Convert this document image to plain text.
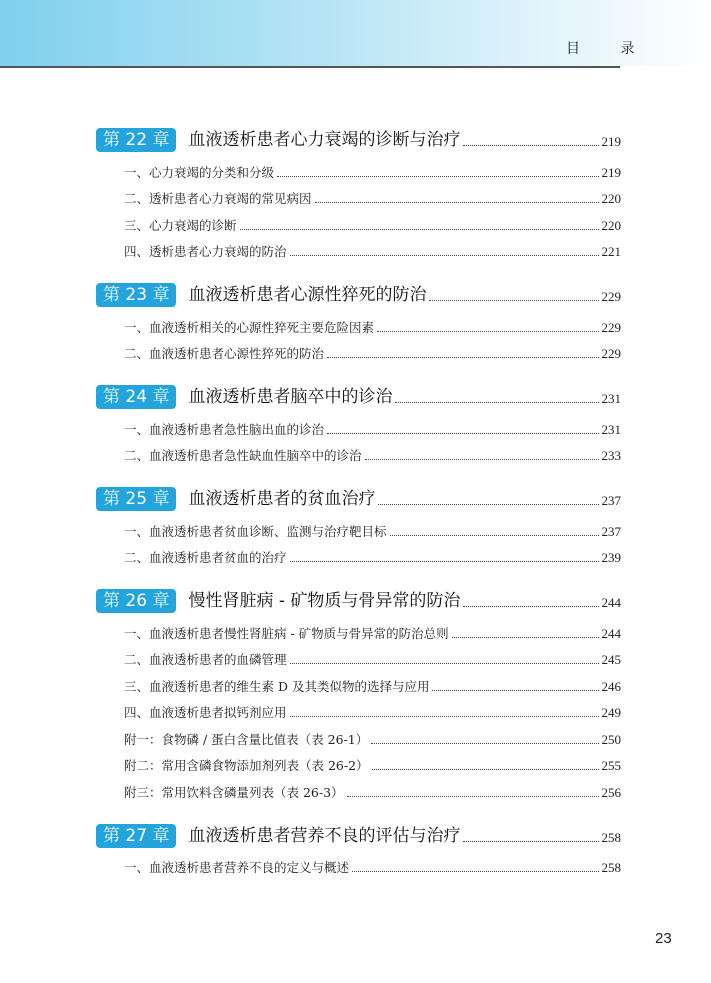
目 录
第 22 章	血液透析患者心力衰竭的诊断与治疗	219
一、心力衰竭的分类和分级	219
二、透析患者心力衰竭的常见病因	220
三、心力衰竭的诊断	220
四、透析患者心力衰竭的防治	221
第 23 章	血液透析患者心源性猝死的防治	229
一、血液透析相关的心源性猝死主要危险因素	229
二、血液透析患者心源性猝死的防治	229
第 24 章	血液透析患者脑卒中的诊治	231
一、血液透析患者急性脑出血的诊治	231
二、血液透析患者急性缺血性脑卒中的诊治	233
第 25 章	血液透析患者的贫血治疗	237
一、血液透析患者贫血诊断、监测与治疗靶目标	237
二、血液透析患者贫血的治疗	239
第 26 章	慢性肾脏病 - 矿物质与骨异常的防治	244
一、血液透析患者慢性肾脏病 - 矿物质与骨异常的防治总则	244
二、血液透析患者的血磷管理	245
三、血液透析患者的维生素 D 及其类似物的选择与应用	246
四、血液透析患者拟钙剂应用	249
附一：食物磷 / 蛋白含量比值表（表 26-1）	250
附二：常用含磷食物添加剂列表（表 26-2）	255
附三：常用饮料含磷量列表（表 26-3）	256
第 27 章	血液透析患者营养不良的评估与治疗	258
一、血液透析患者营养不良的定义与概述	258
23
